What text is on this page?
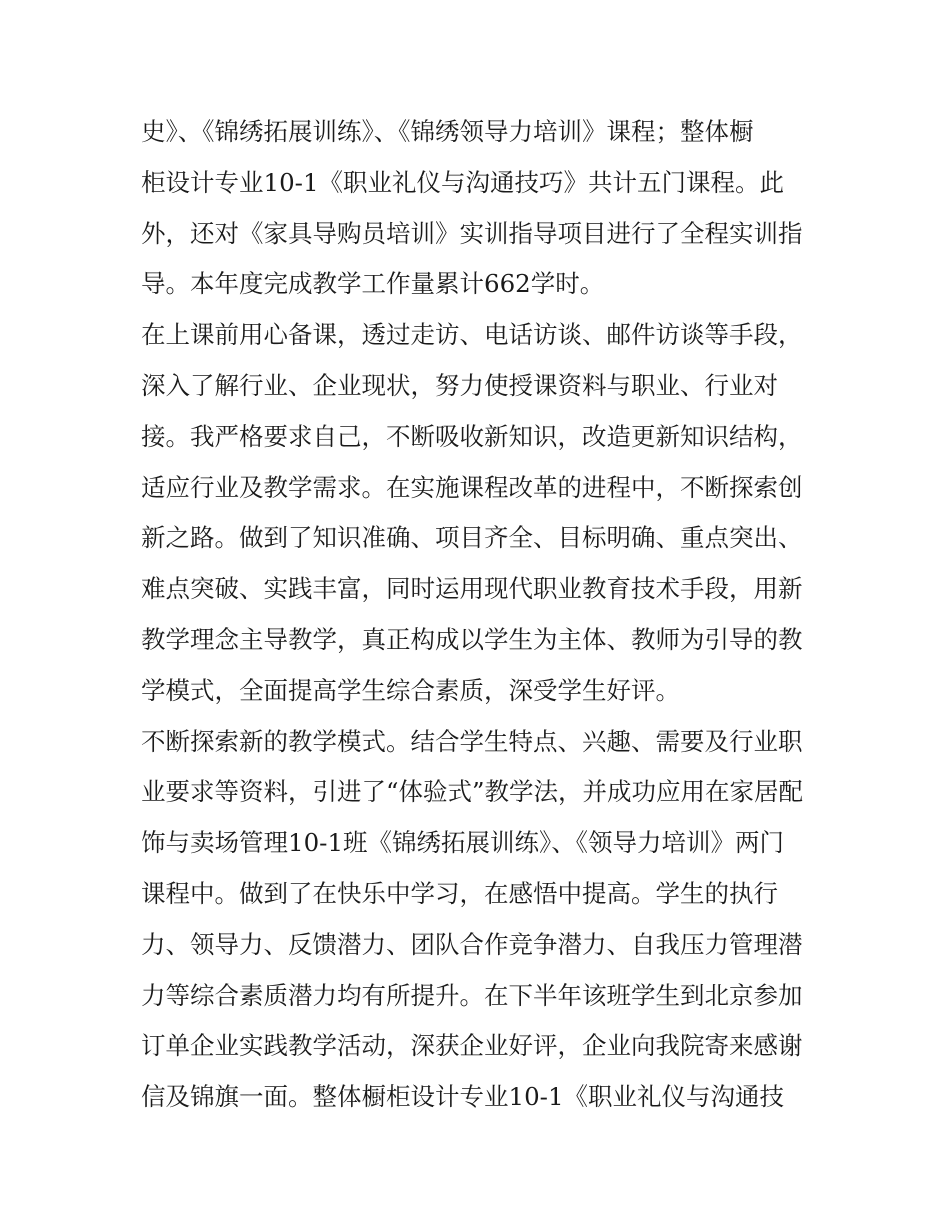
史》、《锦绣拓展训练》、《锦绣领导力培训》课程；整体橱
柜设计专业10-1《职业礼仪与沟通技巧》共计五门课程。此
外，还对《家具导购员培训》实训指导项目进行了全程实训指
导。本年度完成教学工作量累计662学时。
在上课前用心备课，透过走访、电话访谈、邮件访谈等手段，
深入了解行业、企业现状，努力使授课资料与职业、行业对
接。我严格要求自己，不断吸收新知识，改造更新知识结构，
适应行业及教学需求。在实施课程改革的进程中，不断探索创
新之路。做到了知识准确、项目齐全、目标明确、重点突出、
难点突破、实践丰富，同时运用现代职业教育技术手段，用新
教学理念主导教学，真正构成以学生为主体、教师为引导的教
学模式，全面提高学生综合素质，深受学生好评。
不断探索新的教学模式。结合学生特点、兴趣、需要及行业职
业要求等资料，引进了“体验式”教学法，并成功应用在家居配
饰与卖场管理10-1班《锦绣拓展训练》、《领导力培训》两门
课程中。做到了在快乐中学习，在感悟中提高。学生的执行
力、领导力、反馈潜力、团队合作竞争潜力、自我压力管理潜
力等综合素质潜力均有所提升。在下半年该班学生到北京参加
订单企业实践教学活动，深获企业好评，企业向我院寄来感谢
信及锦旗一面。整体橱柜设计专业10-1《职业礼仪与沟通技
